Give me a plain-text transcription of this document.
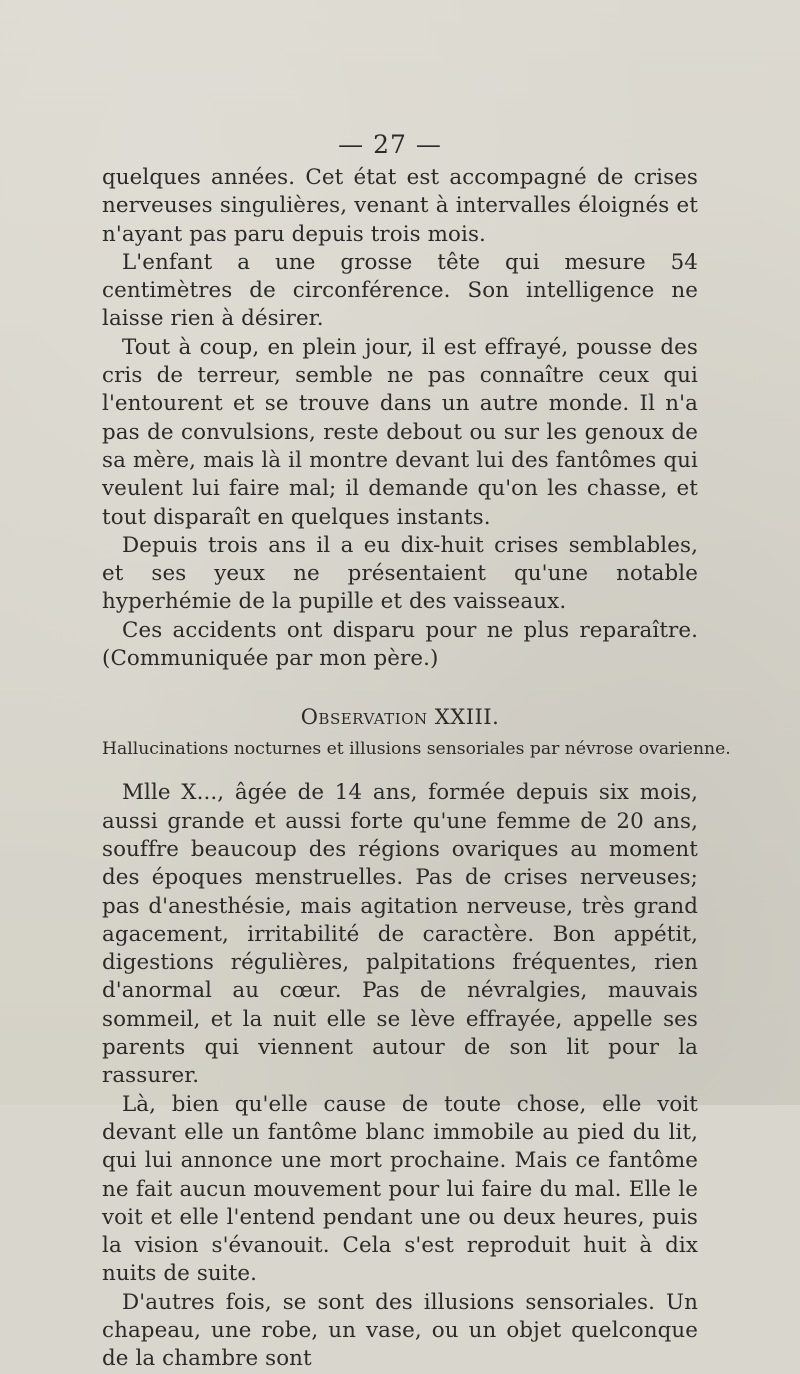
— 27 —

quelques années. Cet état est accompagné de crises nerveuses singulières, venant à intervalles éloignés et n'ayant pas paru depuis trois mois.

L'enfant a une grosse tête qui mesure 54 centimètres de circonférence. Son intelligence ne laisse rien à désirer.

Tout à coup, en plein jour, il est effrayé, pousse des cris de terreur, semble ne pas connaître ceux qui l'entourent et se trouve dans un autre monde. Il n'a pas de convulsions, reste debout ou sur les genoux de sa mère, mais là il montre devant lui des fantômes qui veulent lui faire mal; il demande qu'on les chasse, et tout disparaît en quelques instants.

Depuis trois ans il a eu dix-huit crises semblables, et ses yeux ne présentaient qu'une notable hyperhémie de la pupille et des vaisseaux.

Ces accidents ont disparu pour ne plus reparaître. (Communiquée par mon père.)

Observation XXIII.
Hallucinations nocturnes et illusions sensoriales par névrose ovarienne.

Mlle X..., âgée de 14 ans, formée depuis six mois, aussi grande et aussi forte qu'une femme de 20 ans, souffre beaucoup des régions ovariques au moment des époques menstruelles. Pas de crises nerveuses; pas d'anesthésie, mais agitation nerveuse, très grand agacement, irritabilité de caractère. Bon appétit, digestions régulières, palpitations fréquentes, rien d'anormal au cœur. Pas de névralgies, mauvais sommeil, et la nuit elle se lève effrayée, appelle ses parents qui viennent autour de son lit pour la rassurer.

Là, bien qu'elle cause de toute chose, elle voit devant elle un fantôme blanc immobile au pied du lit, qui lui annonce une mort prochaine. Mais ce fantôme ne fait aucun mouvement pour lui faire du mal. Elle le voit et elle l'entend pendant une ou deux heures, puis la vision s'évanouit. Cela s'est reproduit huit à dix nuits de suite.

D'autres fois, se sont des illusions sensoriales. Un chapeau, une robe, un vase, ou un objet quelconque de la chambre sont
